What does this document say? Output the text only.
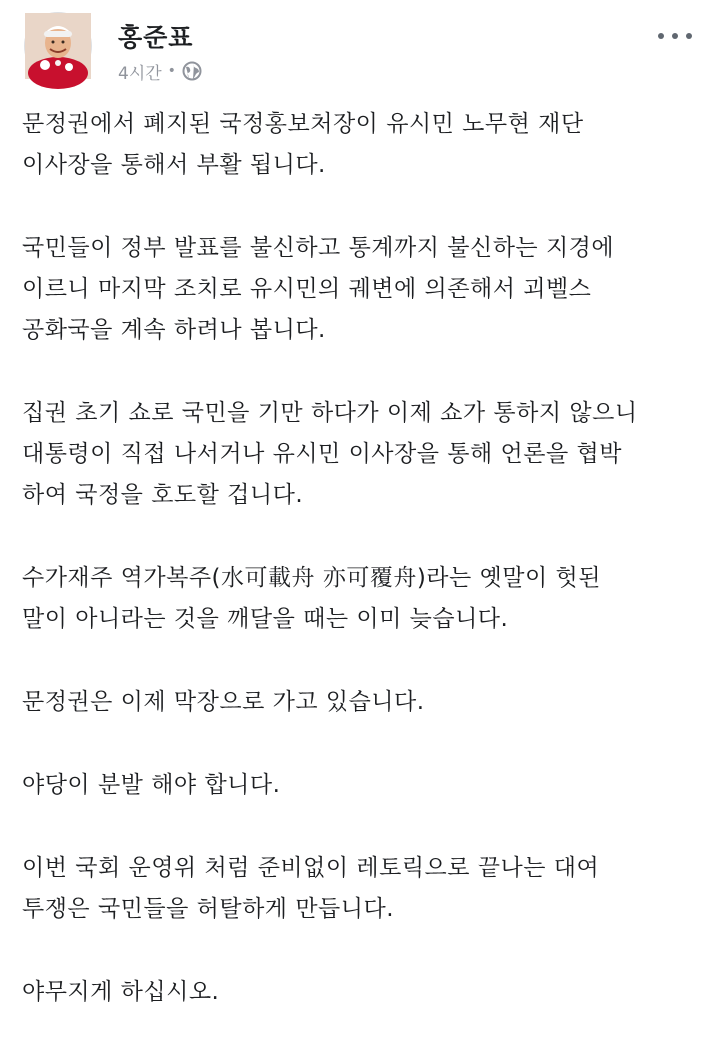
홍준표
4시간 •

문정권에서 폐지된 국정홍보처장이 유시민 노무현 재단
이사장을 통해서 부활 됩니다.

국민들이 정부 발표를 불신하고 통계까지 불신하는 지경에
이르니 마지막 조치로 유시민의 궤변에 의존해서 괴벨스
공화국을 계속 하려나 봅니다.

집권 초기 쇼로 국민을 기만 하다가 이제 쇼가 통하지 않으니
대통령이 직접 나서거나 유시민 이사장을 통해 언론을 협박
하여 국정을 호도할 겁니다.

수가재주 역가복주(水可載舟 亦可覆舟)라는 옛말이 헛된
말이 아니라는 것을 깨달을 때는 이미 늦습니다.

문정권은 이제 막장으로 가고 있습니다.

야당이 분발 해야 합니다.

이번 국회 운영위 처럼 준비없이 레토릭으로 끝나는 대여
투쟁은 국민들을 허탈하게 만듭니다.

야무지게 하십시오.
